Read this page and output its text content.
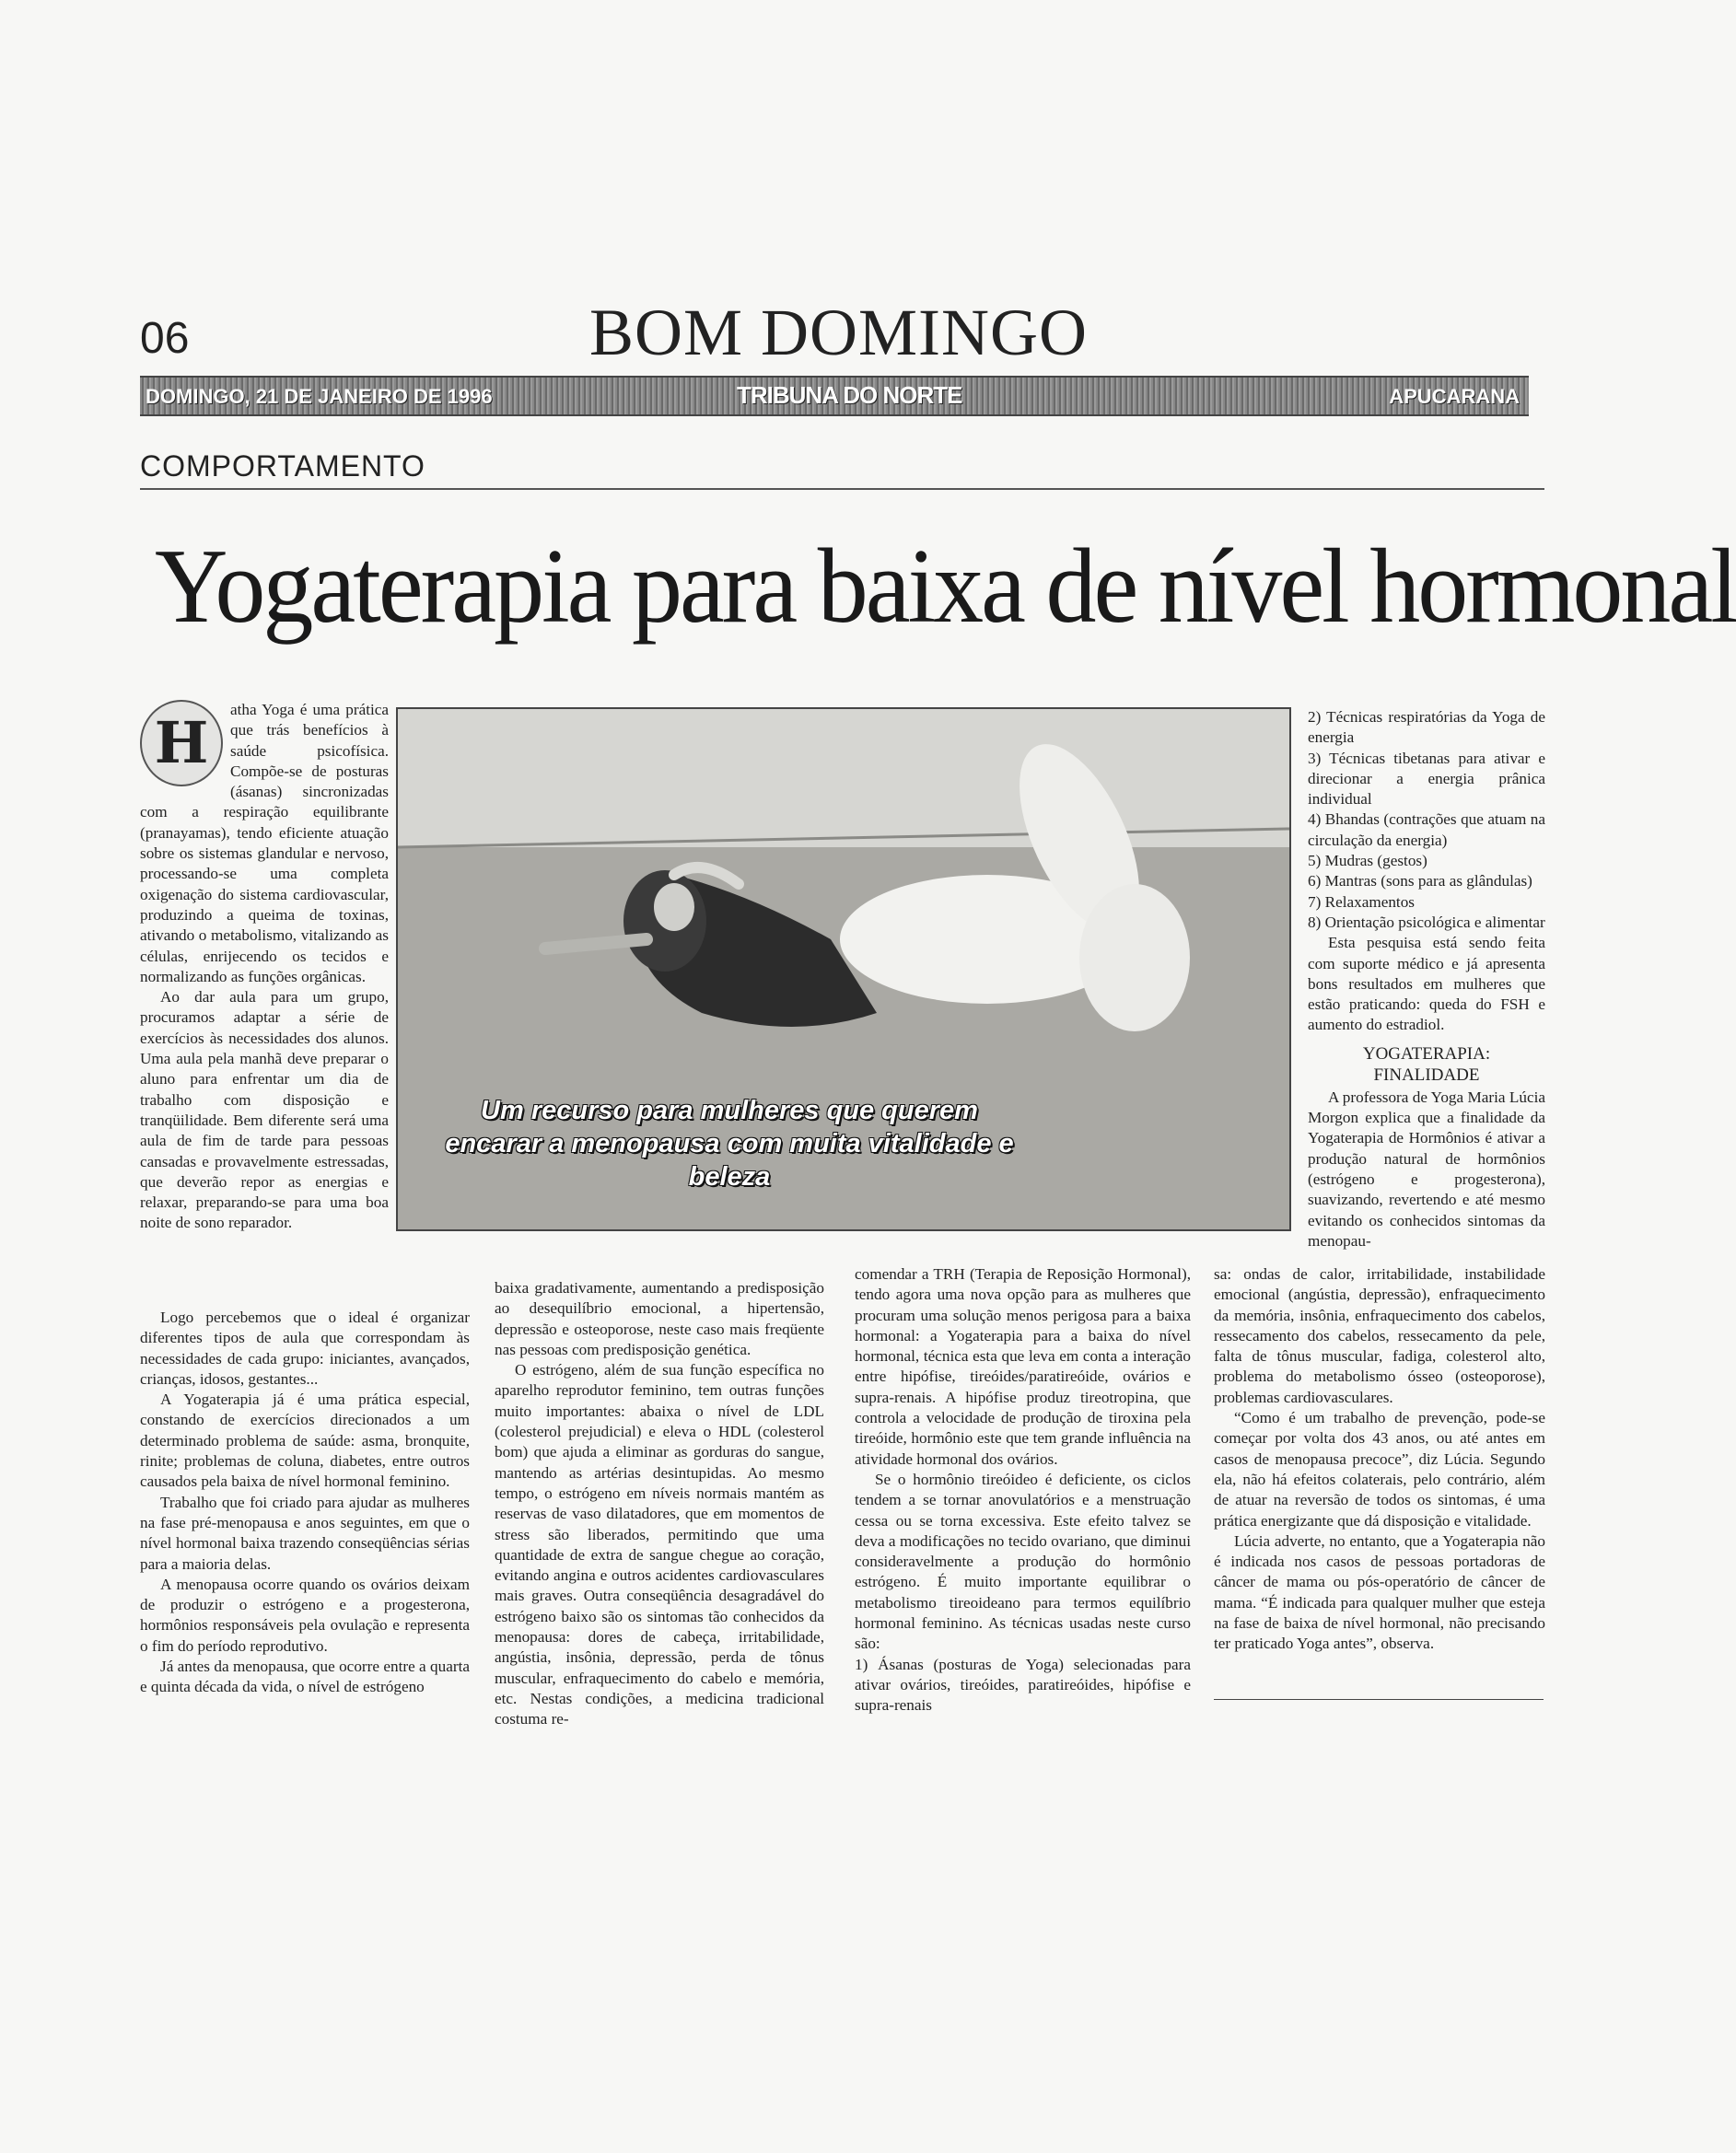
06	BOM DOMINGO
DOMINGO, 21 DE JANEIRO DE 1996	TRIBUNA DO NORTE	APUCARANA
COMPORTAMENTO
Yogaterapia para baixa de nível hormonal
H	atha Yoga é uma prática que trás benefícios à saúde psicofísica. Compõe-se de posturas (ásanas) sincronizadas com a respiração equilibrante (pranayamas), tendo eficiente atuação sobre os sistemas glandular e nervoso, processando-se uma completa oxigenação do sistema cardiovascular, produzindo a queima de toxinas, ativando o metabolismo, vitalizando as células, enrijecendo os tecidos e normalizando as funções orgânicas.

Ao dar aula para um grupo, procuramos adaptar a série de exercícios às necessidades dos alunos. Uma aula pela manhã deve preparar o aluno para enfrentar um dia de trabalho com disposição e tranqüilidade. Bem diferente será uma aula de fim de tarde para pessoas cansadas e provavelmente estressadas, que deverão repor as energias e relaxar, preparando-se para uma boa noite de sono reparador.

Logo percebemos que o ideal é organizar diferentes tipos de aula que correspondam às necessidades de cada grupo: iniciantes, avançados, crianças, idosos, gestantes...

A Yogaterapia já é uma prática especial, constando de exercícios direcionados a um determinado problema de saúde: asma, bronquite, rinite; problemas de coluna, diabetes, entre outros causados pela baixa de nível hormonal feminino.

Trabalho que foi criado para ajudar as mulheres na fase pré-menopausa e anos seguintes, em que o nível hormonal baixa trazendo conseqüências sérias para a maioria delas.

A menopausa ocorre quando os ovários deixam de produzir o estrógeno e a progesterona, hormônios responsáveis pela ovulação e representa o fim do período reprodutivo.

Já antes da menopausa, que ocorre entre a quarta e quinta década da vida, o nível de estrógeno

Um recurso para mulheres que querem encarar a menopausa com muita vitalidade e beleza

baixa gradativamente, aumentando a predisposição ao desequilíbrio emocional, a hipertensão, depressão e osteoporose, neste caso mais freqüente nas pessoas com predisposição genética.

O estrógeno, além de sua função específica no aparelho reprodutor feminino, tem outras funções muito importantes: abaixa o nível de LDL (colesterol prejudicial) e eleva o HDL (colesterol bom) que ajuda a eliminar as gorduras do sangue, mantendo as artérias desintupidas. Ao mesmo tempo, o estrógeno em níveis normais mantém as reservas de vaso dilatadores, que em momentos de stress são liberados, permitindo que uma quantidade de extra de sangue chegue ao coração, evitando angina e outros acidentes cardiovasculares mais graves. Outra conseqüência desagradável do estrógeno baixo são os sintomas tão conhecidos da menopausa: dores de cabeça, irritabilidade, angústia, insônia, depressão, perda de tônus muscular, enfraquecimento do cabelo e memória, etc. Nestas condições, a medicina tradicional costuma re-

comendar a TRH (Terapia de Reposição Hormonal), tendo agora uma nova opção para as mulheres que procuram uma solução menos perigosa para a baixa hormonal: a Yogaterapia para a baixa do nível hormonal, técnica esta que leva em conta a interação entre hipófise, tireóides/paratireóide, ovários e supra-renais. A hipófise produz tireotropina, que controla a velocidade de produção de tiroxina pela tireóide, hormônio este que tem grande influência na atividade hormonal dos ovários.

Se o hormônio tireóideo é deficiente, os ciclos tendem a se tornar anovulatórios e a menstruação cessa ou se torna excessiva. Este efeito talvez se deva a modificações no tecido ovariano, que diminui consideravelmente a produção do hormônio estrógeno. É muito importante equilibrar o metabolismo tireoideano para termos equilíbrio hormonal feminino. As técnicas usadas neste curso são:

1) Ásanas (posturas de Yoga) selecionadas para ativar ovários, tireóides, paratireóides, hipófise e supra-renais

2) Técnicas respiratórias da Yoga de energia

3) Técnicas tibetanas para ativar e direcionar a energia prânica individual

4) Bhandas (contrações que atuam na circulação da energia)

5) Mudras (gestos)

6) Mantras (sons para as glândulas)

7) Relaxamentos

8) Orientação psicológica e alimentar

Esta pesquisa está sendo feita com suporte médico e já apresenta bons resultados em mulheres que estão praticando: queda do FSH e aumento do estradiol.

YOGATERAPIA: FINALIDADE

A professora de Yoga Maria Lúcia Morgon explica que a finalidade da Yogaterapia de Hormônios é ativar a produção natural de hormônios (estrógeno e progesterona), suavizando, revertendo e até mesmo evitando os conhecidos sintomas da menopau-

sa: ondas de calor, irritabilidade, instabilidade emocional (angústia, depressão), enfraquecimento da memória, insônia, enfraquecimento dos cabelos, ressecamento dos cabelos, ressecamento da pele, falta de tônus muscular, fadiga, colesterol alto, problema do metabolismo ósseo (osteoporose), problemas cardiovasculares.

“Como é um trabalho de prevenção, pode-se começar por volta dos 43 anos, ou até antes em casos de menopausa precoce”, diz Lúcia. Segundo ela, não há efeitos colaterais, pelo contrário, além de atuar na reversão de todos os sintomas, é uma prática energizante que dá disposição e vitalidade.

Lúcia adverte, no entanto, que a Yogaterapia não é indicada nos casos de pessoas portadoras de câncer de mama ou pós-operatório de câncer de mama. “É indicada para qualquer mulher que esteja na fase de baixa de nível hormonal, não precisando ter praticado Yoga antes”, observa.
